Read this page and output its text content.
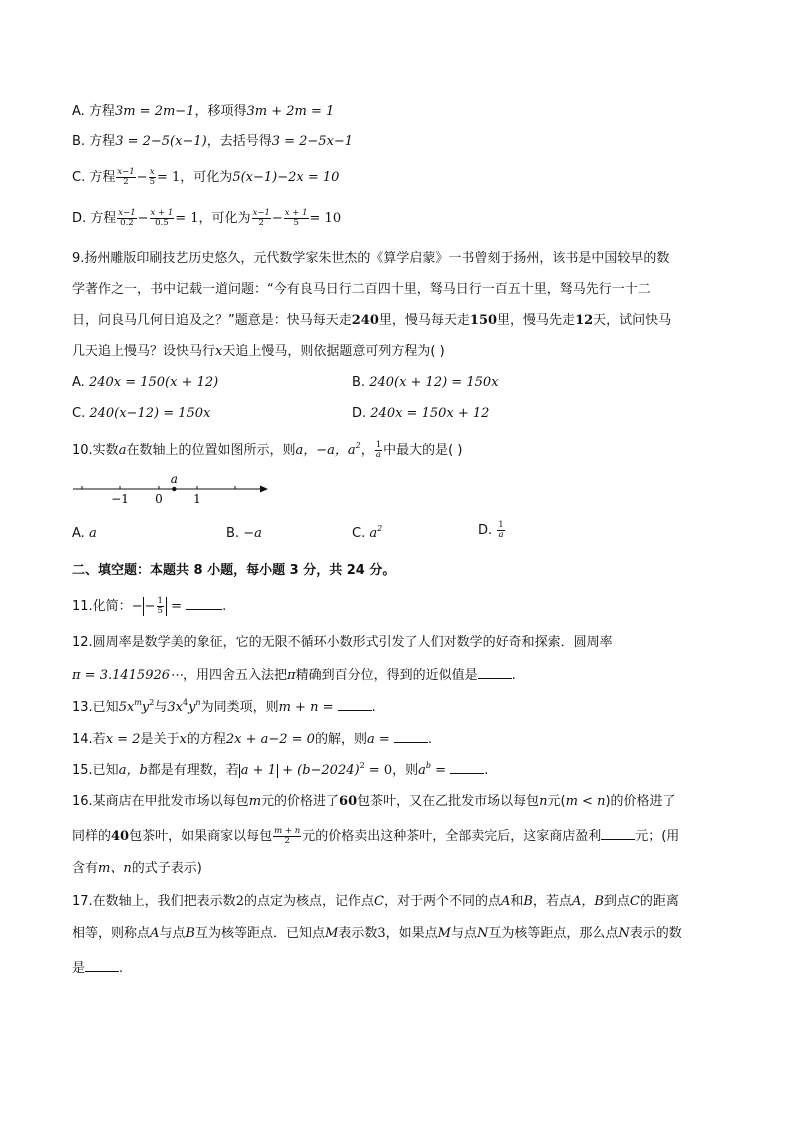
A. 方程3m = 2m−1，移项得3m + 2m = 1
B. 方程3 = 2−5(x−1)，去括号得3 = 2−5x−1
C. 方程 $\frac{x-1}{2} - \frac{x}{5} = 1$，可化为5(x−1)−2x = 10
D. 方程 $\frac{x-1}{0.2} - \frac{x + 1}{0.5} = 1$，可化为 $\frac{x-1}{2} - \frac{x + 1}{5} = 10$
9.扬州雕版印刷技艺历史悠久，元代数学家朱世杰的《算学启蒙》一书曾刻于扬州，该书是中国较早的数
学著作之一，书中记载一道问题：“今有良马日行二百四十里，驽马日行一百五十里，驽马先行一十二
日，问良马几何日追及之？”题意是：快马每天走240里，慢马每天走150里，慢马先走12天，试问快马
几天追上慢马？设快马行x天追上慢马，则依据题意可列方程为( )
A. 240x = 150(x + 12)	B. 240(x + 12) = 150x
C. 240(x−12) = 150x	D. 240x = 150x + 12
10.实数a在数轴上的位置如图所示，则a，−a，$a^2$， $\frac{1}{a}$ 中最大的是( )
−1 0	1
a
A. a	B. −a	C. $a^2$	D. $\frac{1}{a}$
二、填空题：本题共 8 小题，每小题 3 分，共 24 分。
11.化简：− − $\frac{1}{5}$ =	.
12.圆周率是数学美的象征，它的无限不循环小数形式引发了人们对数学的好奇和探索．圆周率
π = 3.1415926⋯，用四舍五入法把π精确到百分位，得到的近似值是	.
13.已知$5x^my^2$与$3x^4y^n$为同类项，则m + n =	.
14.若x = 2是关于x的方程2x + a−2 = 0的解，则a =	.
15.已知a，b都是有理数，若 $a + 1 + (b-2024)^2 = 0$，则$a^b$ =	.
16.某商店在甲批发市场以每包m元的价格进了60包茶叶，又在乙批发市场以每包n元(m < n)的价格进了
同样的40包茶叶，如果商家以每包 $\frac{m + n}{2}$ 元的价格卖出这种茶叶，全部卖完后，这家商店盈利	元；(用
含有m、n的式子表示)
17.在数轴上，我们把表示数2的点定为核点，记作点C，对于两个不同的点A和B，若点A，B到点C的距离
相等，则称点A与点B互为核等距点．已知点M表示数3，如果点M与点N互为核等距点，那么点N表示的数
是	.
